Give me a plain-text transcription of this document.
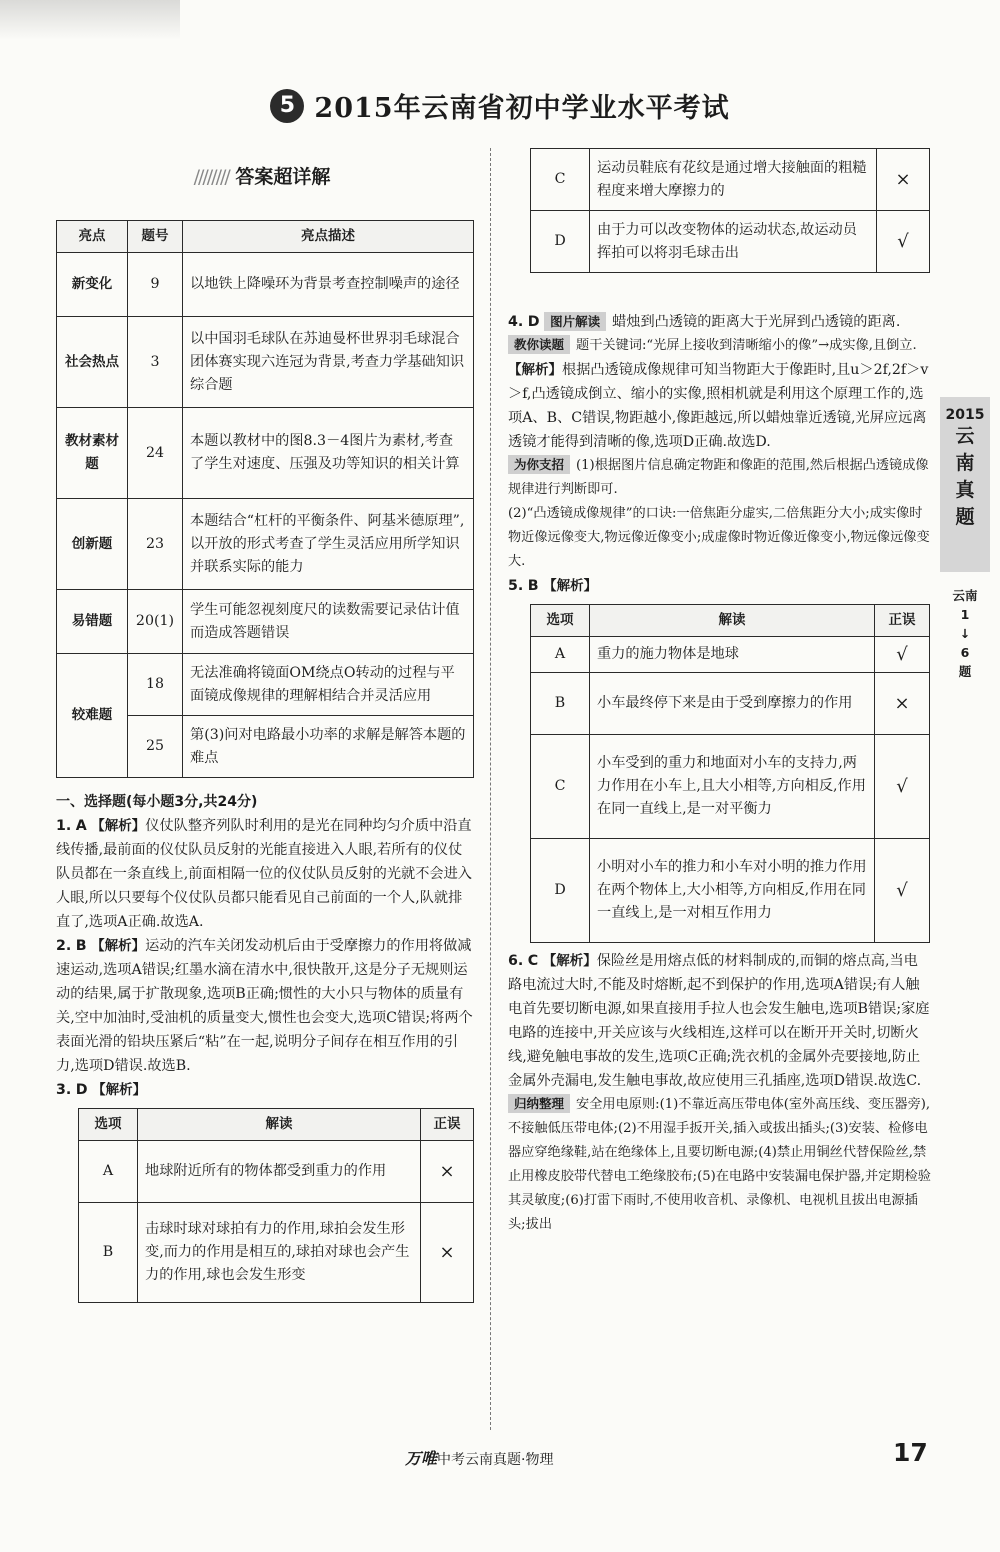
5 2015年云南省初中学业水平考试
//////// 答案超详解
亮点	题号	亮点描述
新变化	9	以地铁上降噪环为背景考查控制噪声的途径
社会热点	3	以中国羽毛球队在苏迪曼杯世界羽毛球混合团体赛实现六连冠为背景,考查力学基础知识综合题
教材素材题	24	本题以教材中的图8.3－4图片为素材,考查了学生对速度、压强及功等知识的相关计算
创新题	23	本题结合“杠杆的平衡条件、阿基米德原理”,以开放的形式考查了学生灵活应用所学知识并联系实际的能力
易错题	20(1)	学生可能忽视刻度尺的读数需要记录估计值而造成答题错误
较难题	18	无法准确将镜面OM绕点O转动的过程与平面镜成像规律的理解相结合并灵活应用
	25	第(3)问对电路最小功率的求解是解答本题的难点

一、选择题(每小题3分,共24分)

1. A 【解析】仪仗队整齐列队时利用的是光在同种均匀介质中沿直线传播,最前面的仪仗队员反射的光能直接进入人眼,若所有的仪仗队员都在一条直线上,前面相隔一位的仪仗队员反射的光就不会进入人眼,所以只要每个仪仗队员都只能看见自己前面的一个人,队就排直了,选项A正确.故选A.

2. B 【解析】运动的汽车关闭发动机后由于受摩擦力的作用将做减速运动,选项A错误;红墨水滴在清水中,很快散开,这是分子无规则运动的结果,属于扩散现象,选项B正确;惯性的大小只与物体的质量有关,空中加油时,受油机的质量变大,惯性也会变大,选项C错误;将两个表面光滑的铅块压紧后“粘”在一起,说明分子间存在相互作用的引力,选项D错误.故选B.

3. D 【解析】

选项	解读	正误
A	地球附近所有的物体都受到重力的作用	×
B	击球时球对球拍有力的作用,球拍会发生形变,而力的作用是相互的,球拍对球也会产生力的作用,球也会发生形变	×
C	运动员鞋底有花纹是通过增大接触面的粗糙程度来增大摩擦力的	×
D	由于力可以改变物体的运动状态,故运动员挥拍可以将羽毛球击出	√

4. D 图片解读 蜡烛到凸透镜的距离大于光屏到凸透镜的距离.

教你读题 题干关键词:“光屏上接收到清晰缩小的像”→成实像,且倒立.

【解析】根据凸透镜成像规律可知当物距大于像距时,且u＞2f,2f＞v＞f,凸透镜成倒立、缩小的实像,照相机就是利用这个原理工作的,选项A、B、C错误,物距越小,像距越远,所以蜡烛靠近透镜,光屏应远离透镜才能得到清晰的像,选项D正确.故选D.

为你支招 (1)根据图片信息确定物距和像距的范围,然后根据凸透镜成像规律进行判断即可.

(2)“凸透镜成像规律”的口诀:一倍焦距分虚实,二倍焦距分大小;成实像时物近像远像变大,物远像近像变小;成虚像时物近像近像变小,物远像远像变大.

5. B 【解析】

选项	解读	正误
A	重力的施力物体是地球	√
B	小车最终停下来是由于受到摩擦力的作用	×
C	小车受到的重力和地面对小车的支持力,两力作用在小车上,且大小相等,方向相反,作用在同一直线上,是一对平衡力	√
D	小明对小车的推力和小车对小明的推力作用在两个物体上,大小相等,方向相反,作用在同一直线上,是一对相互作用力	√

6. C 【解析】保险丝是用熔点低的材料制成的,而铜的熔点高,当电路电流过大时,不能及时熔断,起不到保护的作用,选项A错误;有人触电首先要切断电源,如果直接用手拉人也会发生触电,选项B错误;家庭电路的连接中,开关应该与火线相连,这样可以在断开开关时,切断火线,避免触电事故的发生,选项C正确;洗衣机的金属外壳要接地,防止金属外壳漏电,发生触电事故,故应使用三孔插座,选项D错误.故选C.

归纳整理 安全用电原则:(1)不靠近高压带电体(室外高压线、变压器旁),不接触低压带电体;(2)不用湿手扳开关,插入或拔出插头;(3)安装、检修电器应穿绝缘鞋,站在绝缘体上,且要切断电源;(4)禁止用铜丝代替保险丝,禁止用橡皮胶带代替电工绝缘胶布;(5)在电路中安装漏电保护器,并定期检验其灵敏度;(6)打雷下雨时,不使用收音机、录像机、电视机且拔出电源插头;拔出

2015
云
南
真
题
云南
1
↓
6
题
万唯中考云南真题·物理	17
